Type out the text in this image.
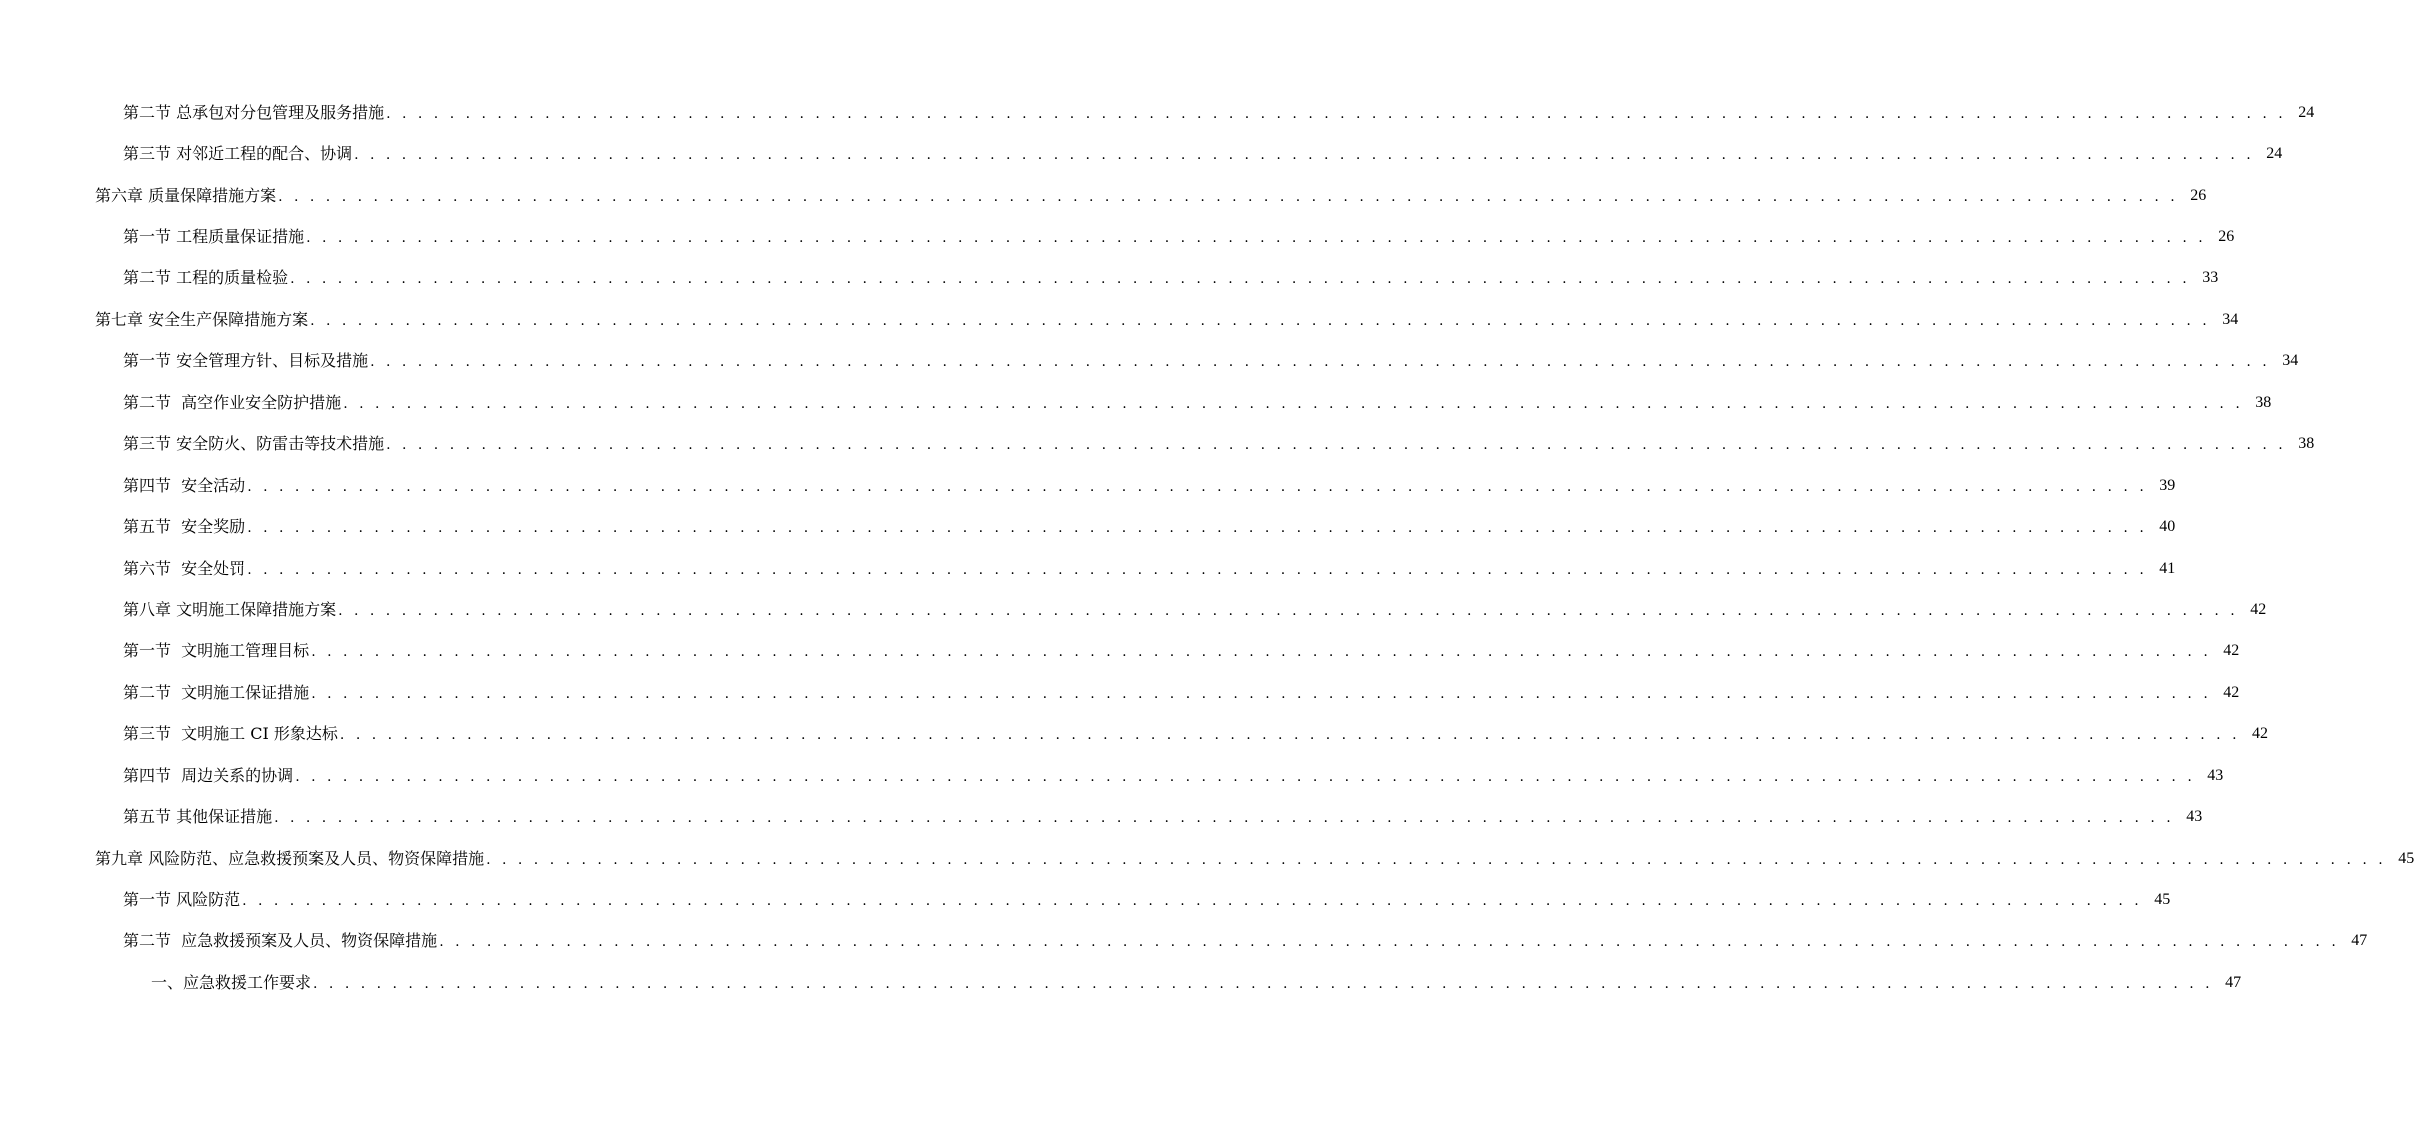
第二节 总承包对分包管理及服务措施 . . . . . . . . . . . . . . . . . . . . . . . . . . . . . . . . . . . . . . . . . . . . . . . . . . . . . . . . . . . . . . . . . . . . . . . . . . . . . . . . . . . . . . . . . . . . . . . . . . . . . . . . . . . . . . . . . . . . . . . . 24
第三节 对邻近工程的配合、协调 . . . . . . . . . . . . . . . . . . . . . . . . . . . . . . . . . . . . . . . . . . . . . . . . . . . . . . . . . . . . . . . . . . . . . . . . . . . . . . . . . . . . . . . . . . . . . . . . . . . . . . . . . . . . . . . . . . . . . . . . 24
第六章 质量保障措施方案 . . . . . . . . . . . . . . . . . . . . . . . . . . . . . . . . . . . . . . . . . . . . . . . . . . . . . . . . . . . . . . . . . . . . . . . . . . . . . . . . . . . . . . . . . . . . . . . . . . . . . . . . . . . . . . . . . . . . . . . . 26
第一节 工程质量保证措施 . . . . . . . . . . . . . . . . . . . . . . . . . . . . . . . . . . . . . . . . . . . . . . . . . . . . . . . . . . . . . . . . . . . . . . . . . . . . . . . . . . . . . . . . . . . . . . . . . . . . . . . . . . . . . . . . . . . . . . . . 26
第二节 工程的质量检验 . . . . . . . . . . . . . . . . . . . . . . . . . . . . . . . . . . . . . . . . . . . . . . . . . . . . . . . . . . . . . . . . . . . . . . . . . . . . . . . . . . . . . . . . . . . . . . . . . . . . . . . . . . . . . . . . . . . . . . . . 33
第七章 安全生产保障措施方案 . . . . . . . . . . . . . . . . . . . . . . . . . . . . . . . . . . . . . . . . . . . . . . . . . . . . . . . . . . . . . . . . . . . . . . . . . . . . . . . . . . . . . . . . . . . . . . . . . . . . . . . . . . . . . . . . . . . . . . . . 34
第一节 安全管理方针、目标及措施 . . . . . . . . . . . . . . . . . . . . . . . . . . . . . . . . . . . . . . . . . . . . . . . . . . . . . . . . . . . . . . . . . . . . . . . . . . . . . . . . . . . . . . . . . . . . . . . . . . . . . . . . . . . . . . . . . . . . . . . . 34
第二节  高空作业安全防护措施 . . . . . . . . . . . . . . . . . . . . . . . . . . . . . . . . . . . . . . . . . . . . . . . . . . . . . . . . . . . . . . . . . . . . . . . . . . . . . . . . . . . . . . . . . . . . . . . . . . . . . . . . . . . . . . . . . . . . . . . . 38
第三节 安全防火、防雷击等技术措施 . . . . . . . . . . . . . . . . . . . . . . . . . . . . . . . . . . . . . . . . . . . . . . . . . . . . . . . . . . . . . . . . . . . . . . . . . . . . . . . . . . . . . . . . . . . . . . . . . . . . . . . . . . . . . . . . . . . . . . . . 38
第四节  安全活动 . . . . . . . . . . . . . . . . . . . . . . . . . . . . . . . . . . . . . . . . . . . . . . . . . . . . . . . . . . . . . . . . . . . . . . . . . . . . . . . . . . . . . . . . . . . . . . . . . . . . . . . . . . . . . . . . . . . . . . . . 39
第五节  安全奖励 . . . . . . . . . . . . . . . . . . . . . . . . . . . . . . . . . . . . . . . . . . . . . . . . . . . . . . . . . . . . . . . . . . . . . . . . . . . . . . . . . . . . . . . . . . . . . . . . . . . . . . . . . . . . . . . . . . . . . . . . 40
第六节  安全处罚 . . . . . . . . . . . . . . . . . . . . . . . . . . . . . . . . . . . . . . . . . . . . . . . . . . . . . . . . . . . . . . . . . . . . . . . . . . . . . . . . . . . . . . . . . . . . . . . . . . . . . . . . . . . . . . . . . . . . . . . . 41
第八章 文明施工保障措施方案 . . . . . . . . . . . . . . . . . . . . . . . . . . . . . . . . . . . . . . . . . . . . . . . . . . . . . . . . . . . . . . . . . . . . . . . . . . . . . . . . . . . . . . . . . . . . . . . . . . . . . . . . . . . . . . . . . . . . . . . . 42
第一节  文明施工管理目标 . . . . . . . . . . . . . . . . . . . . . . . . . . . . . . . . . . . . . . . . . . . . . . . . . . . . . . . . . . . . . . . . . . . . . . . . . . . . . . . . . . . . . . . . . . . . . . . . . . . . . . . . . . . . . . . . . . . . . . . . 42
第二节  文明施工保证措施 . . . . . . . . . . . . . . . . . . . . . . . . . . . . . . . . . . . . . . . . . . . . . . . . . . . . . . . . . . . . . . . . . . . . . . . . . . . . . . . . . . . . . . . . . . . . . . . . . . . . . . . . . . . . . . . . . . . . . . . . 42
第三节  文明施工 CI 形象达标 . . . . . . . . . . . . . . . . . . . . . . . . . . . . . . . . . . . . . . . . . . . . . . . . . . . . . . . . . . . . . . . . . . . . . . . . . . . . . . . . . . . . . . . . . . . . . . . . . . . . . . . . . . . . . . . . . . . . . . . . 42
第四节  周边关系的协调 . . . . . . . . . . . . . . . . . . . . . . . . . . . . . . . . . . . . . . . . . . . . . . . . . . . . . . . . . . . . . . . . . . . . . . . . . . . . . . . . . . . . . . . . . . . . . . . . . . . . . . . . . . . . . . . . . . . . . . . . 43
第五节 其他保证措施 . . . . . . . . . . . . . . . . . . . . . . . . . . . . . . . . . . . . . . . . . . . . . . . . . . . . . . . . . . . . . . . . . . . . . . . . . . . . . . . . . . . . . . . . . . . . . . . . . . . . . . . . . . . . . . . . . . . . . . . . 43
第九章 风险防范、应急救援预案及人员、物资保障措施 . . . . . . . . . . . . . . . . . . . . . . . . . . . . . . . . . . . . . . . . . . . . . . . . . . . . . . . . . . . . . . . . . . . . . . . . . . . . . . . . . . . . . . . . . . . . . . . . . . . . . . . . . . . . . . . . . . . . . . . . 45
第一节 风险防范 . . . . . . . . . . . . . . . . . . . . . . . . . . . . . . . . . . . . . . . . . . . . . . . . . . . . . . . . . . . . . . . . . . . . . . . . . . . . . . . . . . . . . . . . . . . . . . . . . . . . . . . . . . . . . . . . . . . . . . . . 45
第二节  应急救援预案及人员、物资保障措施 . . . . . . . . . . . . . . . . . . . . . . . . . . . . . . . . . . . . . . . . . . . . . . . . . . . . . . . . . . . . . . . . . . . . . . . . . . . . . . . . . . . . . . . . . . . . . . . . . . . . . . . . . . . . . . . . . . . . . . . . 47
一、应急救援工作要求 . . . . . . . . . . . . . . . . . . . . . . . . . . . . . . . . . . . . . . . . . . . . . . . . . . . . . . . . . . . . . . . . . . . . . . . . . . . . . . . . . . . . . . . . . . . . . . . . . . . . . . . . . . . . . . . . . . . . . . . . 47
